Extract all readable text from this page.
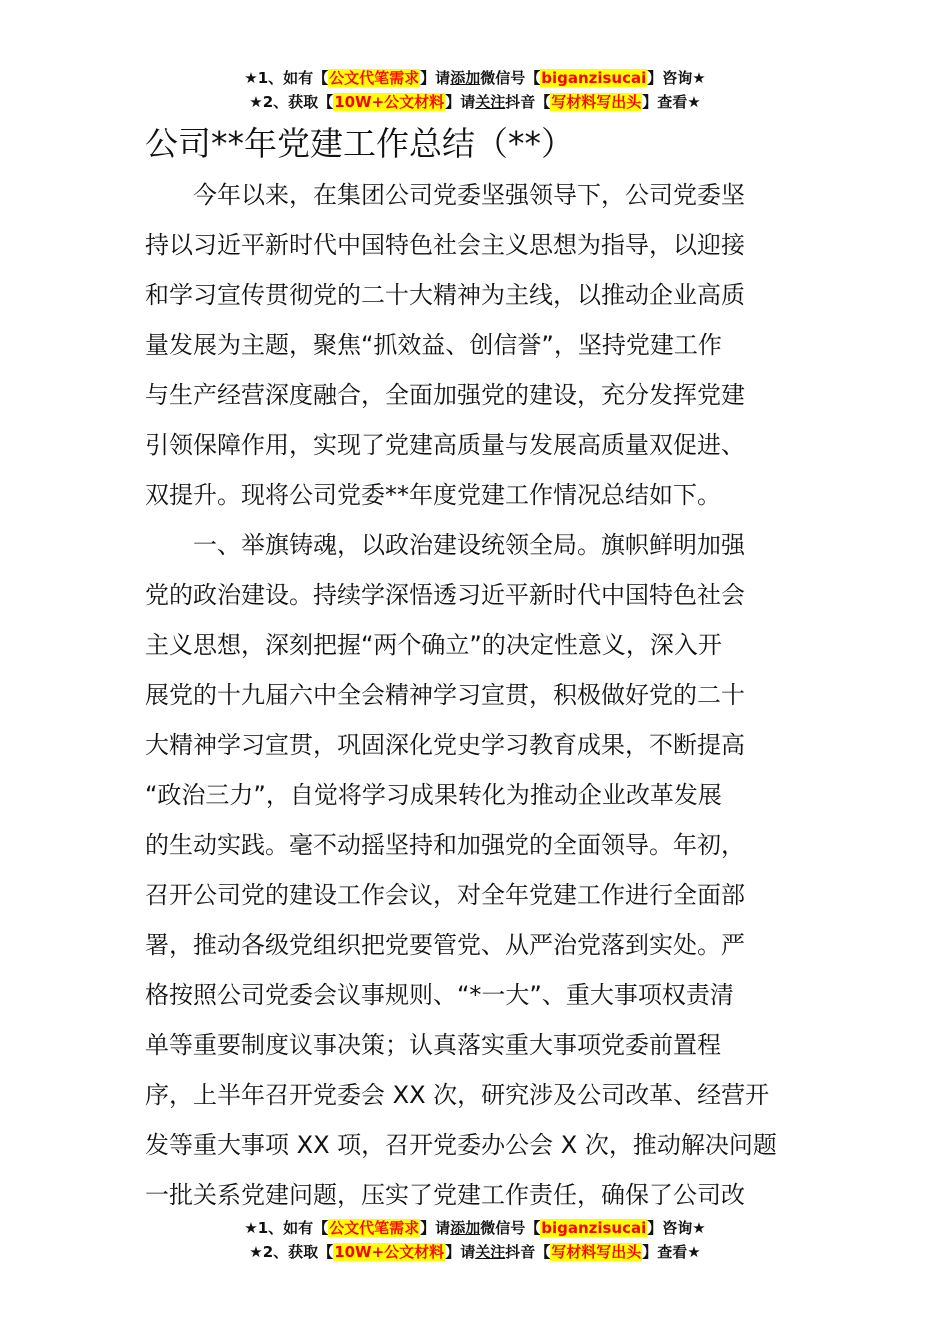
★1、如有【公文代笔需求】请添加微信号【biganzisucai】咨询★
★2、获取【10W+公文材料】请关注抖音【写材料写出头】查看★
公司**年党建工作总结（**）
今年以来，在集团公司党委坚强领导下，公司党委坚
持以习近平新时代中国特色社会主义思想为指导，以迎接
和学习宣传贯彻党的二十大精神为主线，以推动企业高质
量发展为主题，聚焦“抓效益、创信誉”，坚持党建工作
与生产经营深度融合，全面加强党的建设，充分发挥党建
引领保障作用，实现了党建高质量与发展高质量双促进、
双提升。现将公司党委**年度党建工作情况总结如下。
一、举旗铸魂，以政治建设统领全局。旗帜鲜明加强
党的政治建设。持续学深悟透习近平新时代中国特色社会
主义思想，深刻把握“两个确立”的决定性意义，深入开
展党的十九届六中全会精神学习宣贯，积极做好党的二十
大精神学习宣贯，巩固深化党史学习教育成果，不断提高
“政治三力”，自觉将学习成果转化为推动企业改革发展
的生动实践。毫不动摇坚持和加强党的全面领导。年初，
召开公司党的建设工作会议，对全年党建工作进行全面部
署，推动各级党组织把党要管党、从严治党落到实处。严
格按照公司党委会议事规则、“*一大”、重大事项权责清
单等重要制度议事决策；认真落实重大事项党委前置程
序，上半年召开党委会 XX 次，研究涉及公司改革、经营开
发等重大事项 XX 项，召开党委办公会 X 次，推动解决问题
一批关系党建问题，压实了党建工作责任，确保了公司改
★1、如有【公文代笔需求】请添加微信号【biganzisucai】咨询★
★2、获取【10W+公文材料】请关注抖音【写材料写出头】查看★
